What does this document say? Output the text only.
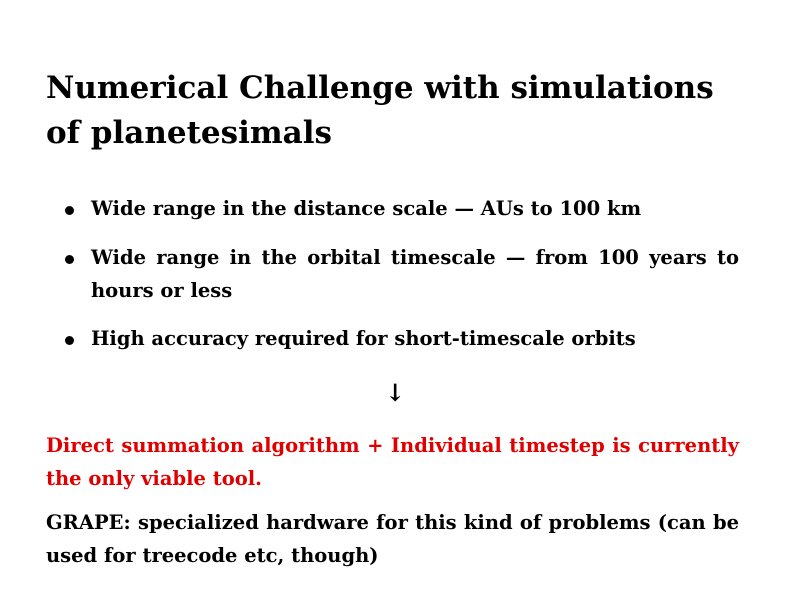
Numerical Challenge with simulations of planetesimals
Wide range in the distance scale — AUs to 100 km
Wide range in the orbital timescale — from 100 years to hours or less
High accuracy required for short-timescale orbits
↓

Direct summation algorithm + Individual timestep is currently the only viable tool.

GRAPE: specialized hardware for this kind of problems (can be used for treecode etc, though)
